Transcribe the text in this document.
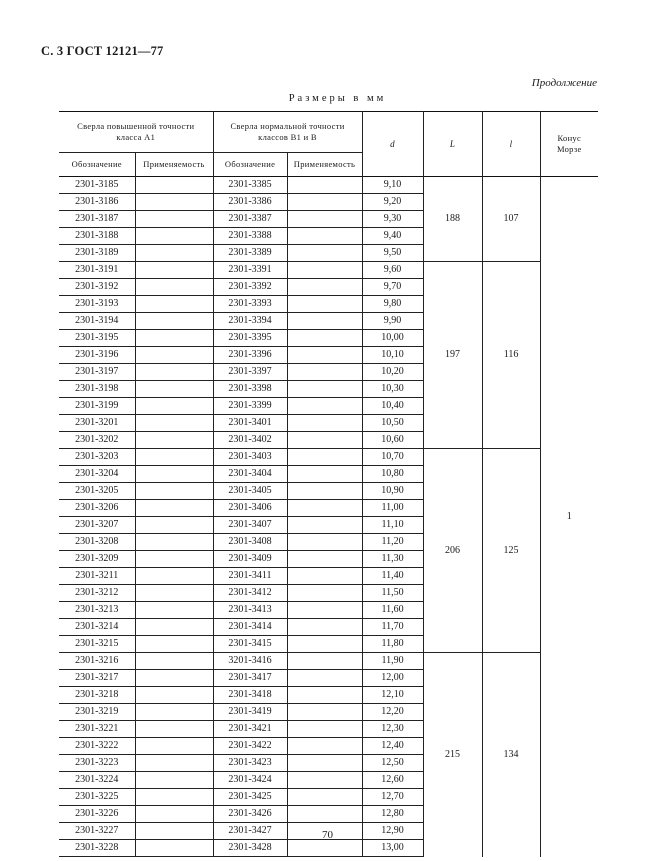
С. 3 ГОСТ 12121—77
Продолжение
Размеры в мм
Сверла повышенной точности класса А1		Сверла нормальной точности классов В1 и В		d	L	l	Конус Морзе
Обозначение	Применяемость	Обозначение	Применяемость				
2301-3185		2301-3385		9,10	188	107	1
2301-3186		2301-3386		9,20			
2301-3187		2301-3387		9,30			
2301-3188		2301-3388		9,40			
2301-3189		2301-3389		9,50			
2301-3191		2301-3391		9,60	197	116	
2301-3192		2301-3392		9,70			
2301-3193		2301-3393		9,80			
2301-3194		2301-3394		9,90			
2301-3195		2301-3395		10,00			
2301-3196		2301-3396		10,10			
2301-3197		2301-3397		10,20			
2301-3198		2301-3398		10,30			
2301-3199		2301-3399		10,40			
2301-3201		2301-3401		10,50			
2301-3202		2301-3402		10,60			
2301-3203		2301-3403		10,70	206	125	
2301-3204		2301-3404		10,80			
2301-3205		2301-3405		10,90			
2301-3206		2301-3406		11,00			
2301-3207		2301-3407		11,10			
2301-3208		2301-3408		11,20			
2301-3209		2301-3409		11,30			
2301-3211		2301-3411		11,40			
2301-3212		2301-3412		11,50			
2301-3213		2301-3413		11,60			
2301-3214		2301-3414		11,70			
2301-3215		2301-3415		11,80			
2301-3216		3201-3416		11,90	215	134	
2301-3217		2301-3417		12,00			
2301-3218		2301-3418		12,10			
2301-3219		2301-3419		12,20			
2301-3221		2301-3421		12,30			
2301-3222		2301-3422		12,40			
2301-3223		2301-3423		12,50			
2301-3224		2301-3424		12,60			
2301-3225		2301-3425		12,70			
2301-3226		2301-3426		12,80			
2301-3227		2301-3427		12,90			
2301-3228		2301-3428		13,00			
70
